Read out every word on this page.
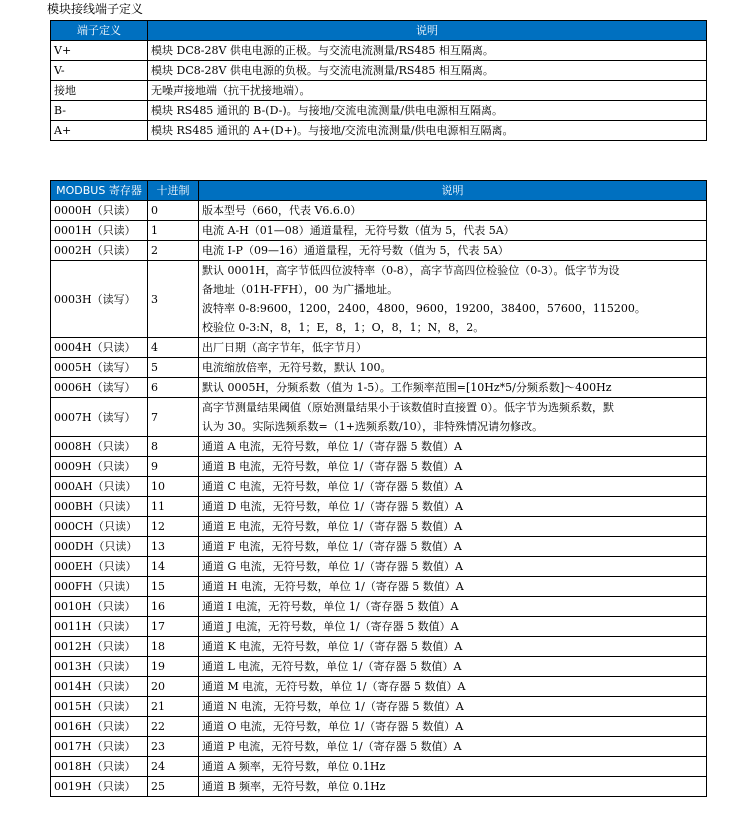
模块接线端子定义
端子定义	说明
V+	模块 DC8-28V 供电电源的正极。与交流电流测量/RS485 相互隔离。
V-	模块 DC8-28V 供电电源的负极。与交流电流测量/RS485 相互隔离。
接地	无噪声接地端（抗干扰接地端）。
B-	模块 RS485 通讯的 B-(D-)。与接地/交流电流测量/供电电源相互隔离。
A+	模块 RS485 通讯的 A+(D+)。与接地/交流电流测量/供电电源相互隔离。
MODBUS 寄存器	十进制	说明
0000H（只读）	0	版本型号（660，代表 V6.6.0）

0001H（只读）	1	电流 A-H（01—08）通道量程，无符号数（值为 5，代表 5A）

0002H（只读）	2	电流 I-P（09—16）通道量程，无符号数（值为 5，代表 5A）

0003H（读写）	3	默认 0001H，高字节低四位波特率（0-8），高字节高四位检验位（0-3）。低字节为设
备地址（01H-FFH），00 为广播地址。
波特率 0-8:9600，1200，2400，4800，9600，19200，38400，57600，115200。
校验位 0-3:N，8，1；E，8，1；O，8，1；N，8，2。

0004H（只读）	4	出厂日期（高字节年，低字节月）

0005H（读写）	5	电流缩放倍率，无符号数，默认 100。

0006H（读写）	6	默认 0005H，分频系数（值为 1-5）。工作频率范围=[10Hz*5/分频系数]～400Hz

0007H（读写）	7	高字节测量结果阈值（原始测量结果小于该数值时直接置 0）。低字节为选频系数，默
认为 30。实际选频系数=（1+选频系数/10），非特殊情况请勿修改。

0008H（只读）	8	通道 A 电流，无符号数，单位 1/（寄存器 5 数值）A

0009H（只读）	9	通道 B 电流，无符号数，单位 1/（寄存器 5 数值）A

000AH（只读）	10	通道 C 电流，无符号数，单位 1/（寄存器 5 数值）A

000BH（只读）	11	通道 D 电流，无符号数，单位 1/（寄存器 5 数值）A

000CH（只读）	12	通道 E 电流，无符号数，单位 1/（寄存器 5 数值）A

000DH（只读）	13	通道 F 电流，无符号数，单位 1/（寄存器 5 数值）A

000EH（只读）	14	通道 G 电流，无符号数，单位 1/（寄存器 5 数值）A

000FH（只读）	15	通道 H 电流，无符号数，单位 1/（寄存器 5 数值）A

0010H（只读）	16	通道 I 电流，无符号数，单位 1/（寄存器 5 数值）A

0011H（只读）	17	通道 J 电流，无符号数，单位 1/（寄存器 5 数值）A

0012H（只读）	18	通道 K 电流，无符号数，单位 1/（寄存器 5 数值）A

0013H（只读）	19	通道 L 电流，无符号数，单位 1/（寄存器 5 数值）A

0014H（只读）	20	通道 M 电流，无符号数，单位 1/（寄存器 5 数值）A

0015H（只读）	21	通道 N 电流，无符号数，单位 1/（寄存器 5 数值）A

0016H（只读）	22	通道 O 电流，无符号数，单位 1/（寄存器 5 数值）A

0017H（只读）	23	通道 P 电流，无符号数，单位 1/（寄存器 5 数值）A

0018H（只读）	24	通道 A 频率，无符号数，单位 0.1Hz

0019H（只读）	25	通道 B 频率，无符号数，单位 0.1Hz
